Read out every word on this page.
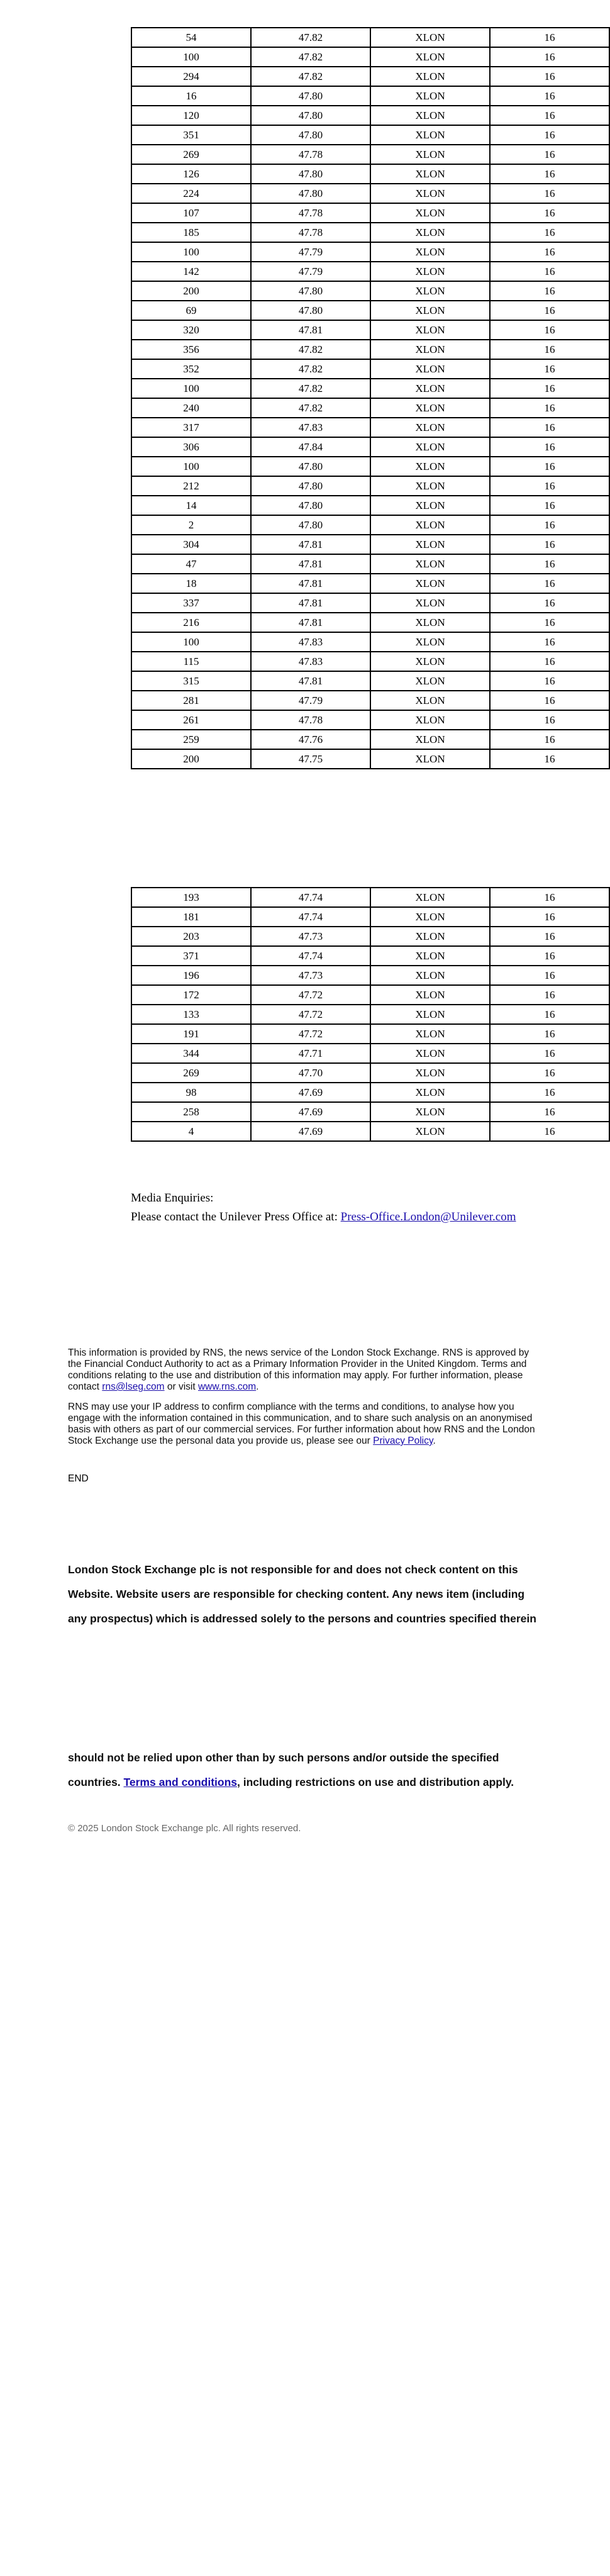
54	47.82	XLON	16
100	47.82	XLON	16
294	47.82	XLON	16
16	47.80	XLON	16
120	47.80	XLON	16
351	47.80	XLON	16
269	47.78	XLON	16
126	47.80	XLON	16
224	47.80	XLON	16
107	47.78	XLON	16
185	47.78	XLON	16
100	47.79	XLON	16
142	47.79	XLON	16
200	47.80	XLON	16
69	47.80	XLON	16
320	47.81	XLON	16
356	47.82	XLON	16
352	47.82	XLON	16
100	47.82	XLON	16
240	47.82	XLON	16
317	47.83	XLON	16
306	47.84	XLON	16
100	47.80	XLON	16
212	47.80	XLON	16
14	47.80	XLON	16
2	47.80	XLON	16
304	47.81	XLON	16
47	47.81	XLON	16
18	47.81	XLON	16
337	47.81	XLON	16
216	47.81	XLON	16
100	47.83	XLON	16
115	47.83	XLON	16
315	47.81	XLON	16
281	47.79	XLON	16
261	47.78	XLON	16
259	47.76	XLON	16
200	47.75	XLON	16
193	47.74	XLON	16
181	47.74	XLON	16
203	47.73	XLON	16
371	47.74	XLON	16
196	47.73	XLON	16
172	47.72	XLON	16
133	47.72	XLON	16
191	47.72	XLON	16
344	47.71	XLON	16
269	47.70	XLON	16
98	47.69	XLON	16
258	47.69	XLON	16
4	47.69	XLON	16
Media Enquiries:
Please contact the Unilever Press Office at: Press-Office.London@Unilever.com

This information is provided by RNS, the news service of the London Stock Exchange. RNS is approved by the Financial Conduct Authority to act as a Primary Information Provider in the United Kingdom. Terms and conditions relating to the use and distribution of this information may apply. For further information, please contact rns@lseg.com or visit www.rns.com.

RNS may use your IP address to confirm compliance with the terms and conditions, to analyse how you engage with the information contained in this communication, and to share such analysis on an anonymised basis with others as part of our commercial services. For further information about how RNS and the London Stock Exchange use the personal data you provide us, please see our Privacy Policy.

END
London Stock Exchange plc is not responsible for and does not check content on this Website. Website users are responsible for checking content. Any news item (including any prospectus) which is addressed solely to the persons and countries specified therein
should not be relied upon other than by such persons and/or outside the specified countries. Terms and conditions, including restrictions on use and distribution apply.
© 2025 London Stock Exchange plc. All rights reserved.
